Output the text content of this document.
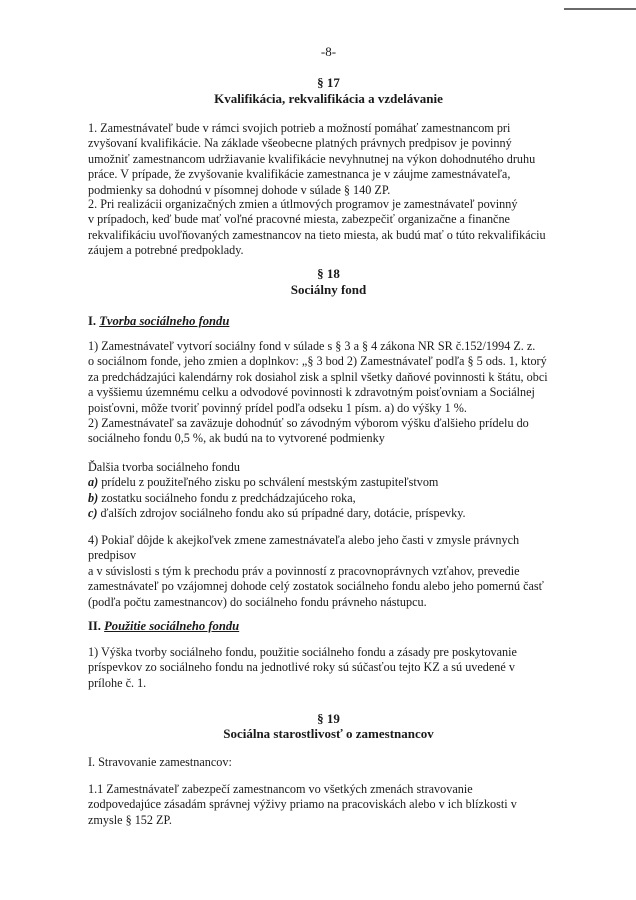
-8-
§ 17
Kvalifikácia, rekvalifikácia a vzdelávanie
1. Zamestnávateľ bude v rámci svojich potrieb a možností pomáhať zamestnancom pri
zvyšovaní kvalifikácie. Na základe všeobecne platných právnych predpisov je povinný
umožniť zamestnancom udržiavanie kvalifikácie nevyhnutnej na výkon dohodnutého druhu
práce. V prípade, že zvyšovanie kvalifikácie zamestnanca je v záujme zamestnávateľa,
podmienky sa dohodnú v písomnej dohode v súlade § 140 ZP.
2. Pri realizácii organizačných zmien a útlmových programov je zamestnávateľ povinný
v prípadoch, keď bude mať voľné pracovné miesta, zabezpečiť organizačne a finančne
rekvalifikáciu uvoľňovaných zamestnancov na tieto miesta, ak budú mať o túto rekvalifikáciu
záujem a potrebné predpoklady.
§ 18
Sociálny fond
I. Tvorba sociálneho fondu
1) Zamestnávateľ vytvorí sociálny fond v súlade s § 3 a § 4 zákona NR SR č.152/1994 Z. z.
o sociálnom fonde, jeho zmien a doplnkov: „§ 3 bod 2) Zamestnávateľ podľa § 5 ods. 1, ktorý
za predchádzajúci kalendárny rok dosiahol zisk a splnil všetky daňové povinnosti k štátu, obci
a vyššiemu územnému celku a odvodové povinnosti k zdravotným poisťovniam a Sociálnej
poisťovni, môže tvoriť povinný prídel podľa odseku 1 písm. a) do výšky 1 %.
2) Zamestnávateľ sa zaväzuje dohodnúť so závodným výborom výšku ďalšieho prídelu do
sociálneho fondu 0,5 %, ak budú na to vytvorené podmienky
Ďalšia tvorba sociálneho fondu
a) prídelu z použiteľného zisku po schválení mestským zastupiteľstvom
b) zostatku sociálneho fondu z predchádzajúceho roka,
c) ďalších zdrojov sociálneho fondu ako sú prípadné dary, dotácie, príspevky.
4) Pokiaľ dôjde k akejkoľvek zmene zamestnávateľa alebo jeho časti v zmysle právnych
predpisov
a v súvislosti s tým k prechodu práv a povinností z pracovnoprávnych vzťahov, prevedie
zamestnávateľ po vzájomnej dohode celý zostatok sociálneho fondu alebo jeho pomernú časť
(podľa počtu zamestnancov) do sociálneho fondu právneho nástupcu.
II. Použitie sociálneho fondu
1) Výška tvorby sociálneho fondu, použitie sociálneho fondu a zásady pre poskytovanie
príspevkov zo sociálneho fondu na jednotlivé roky sú súčasťou tejto KZ a sú uvedené v
prílohe č. 1.
§ 19
Sociálna starostlivosť o zamestnancov
I. Stravovanie zamestnancov:
1.1 Zamestnávateľ zabezpečí zamestnancom vo všetkých zmenách stravovanie
zodpovedajúce zásadám správnej výživy priamo na pracoviskách alebo v ich blízkosti v
zmysle § 152 ZP.
